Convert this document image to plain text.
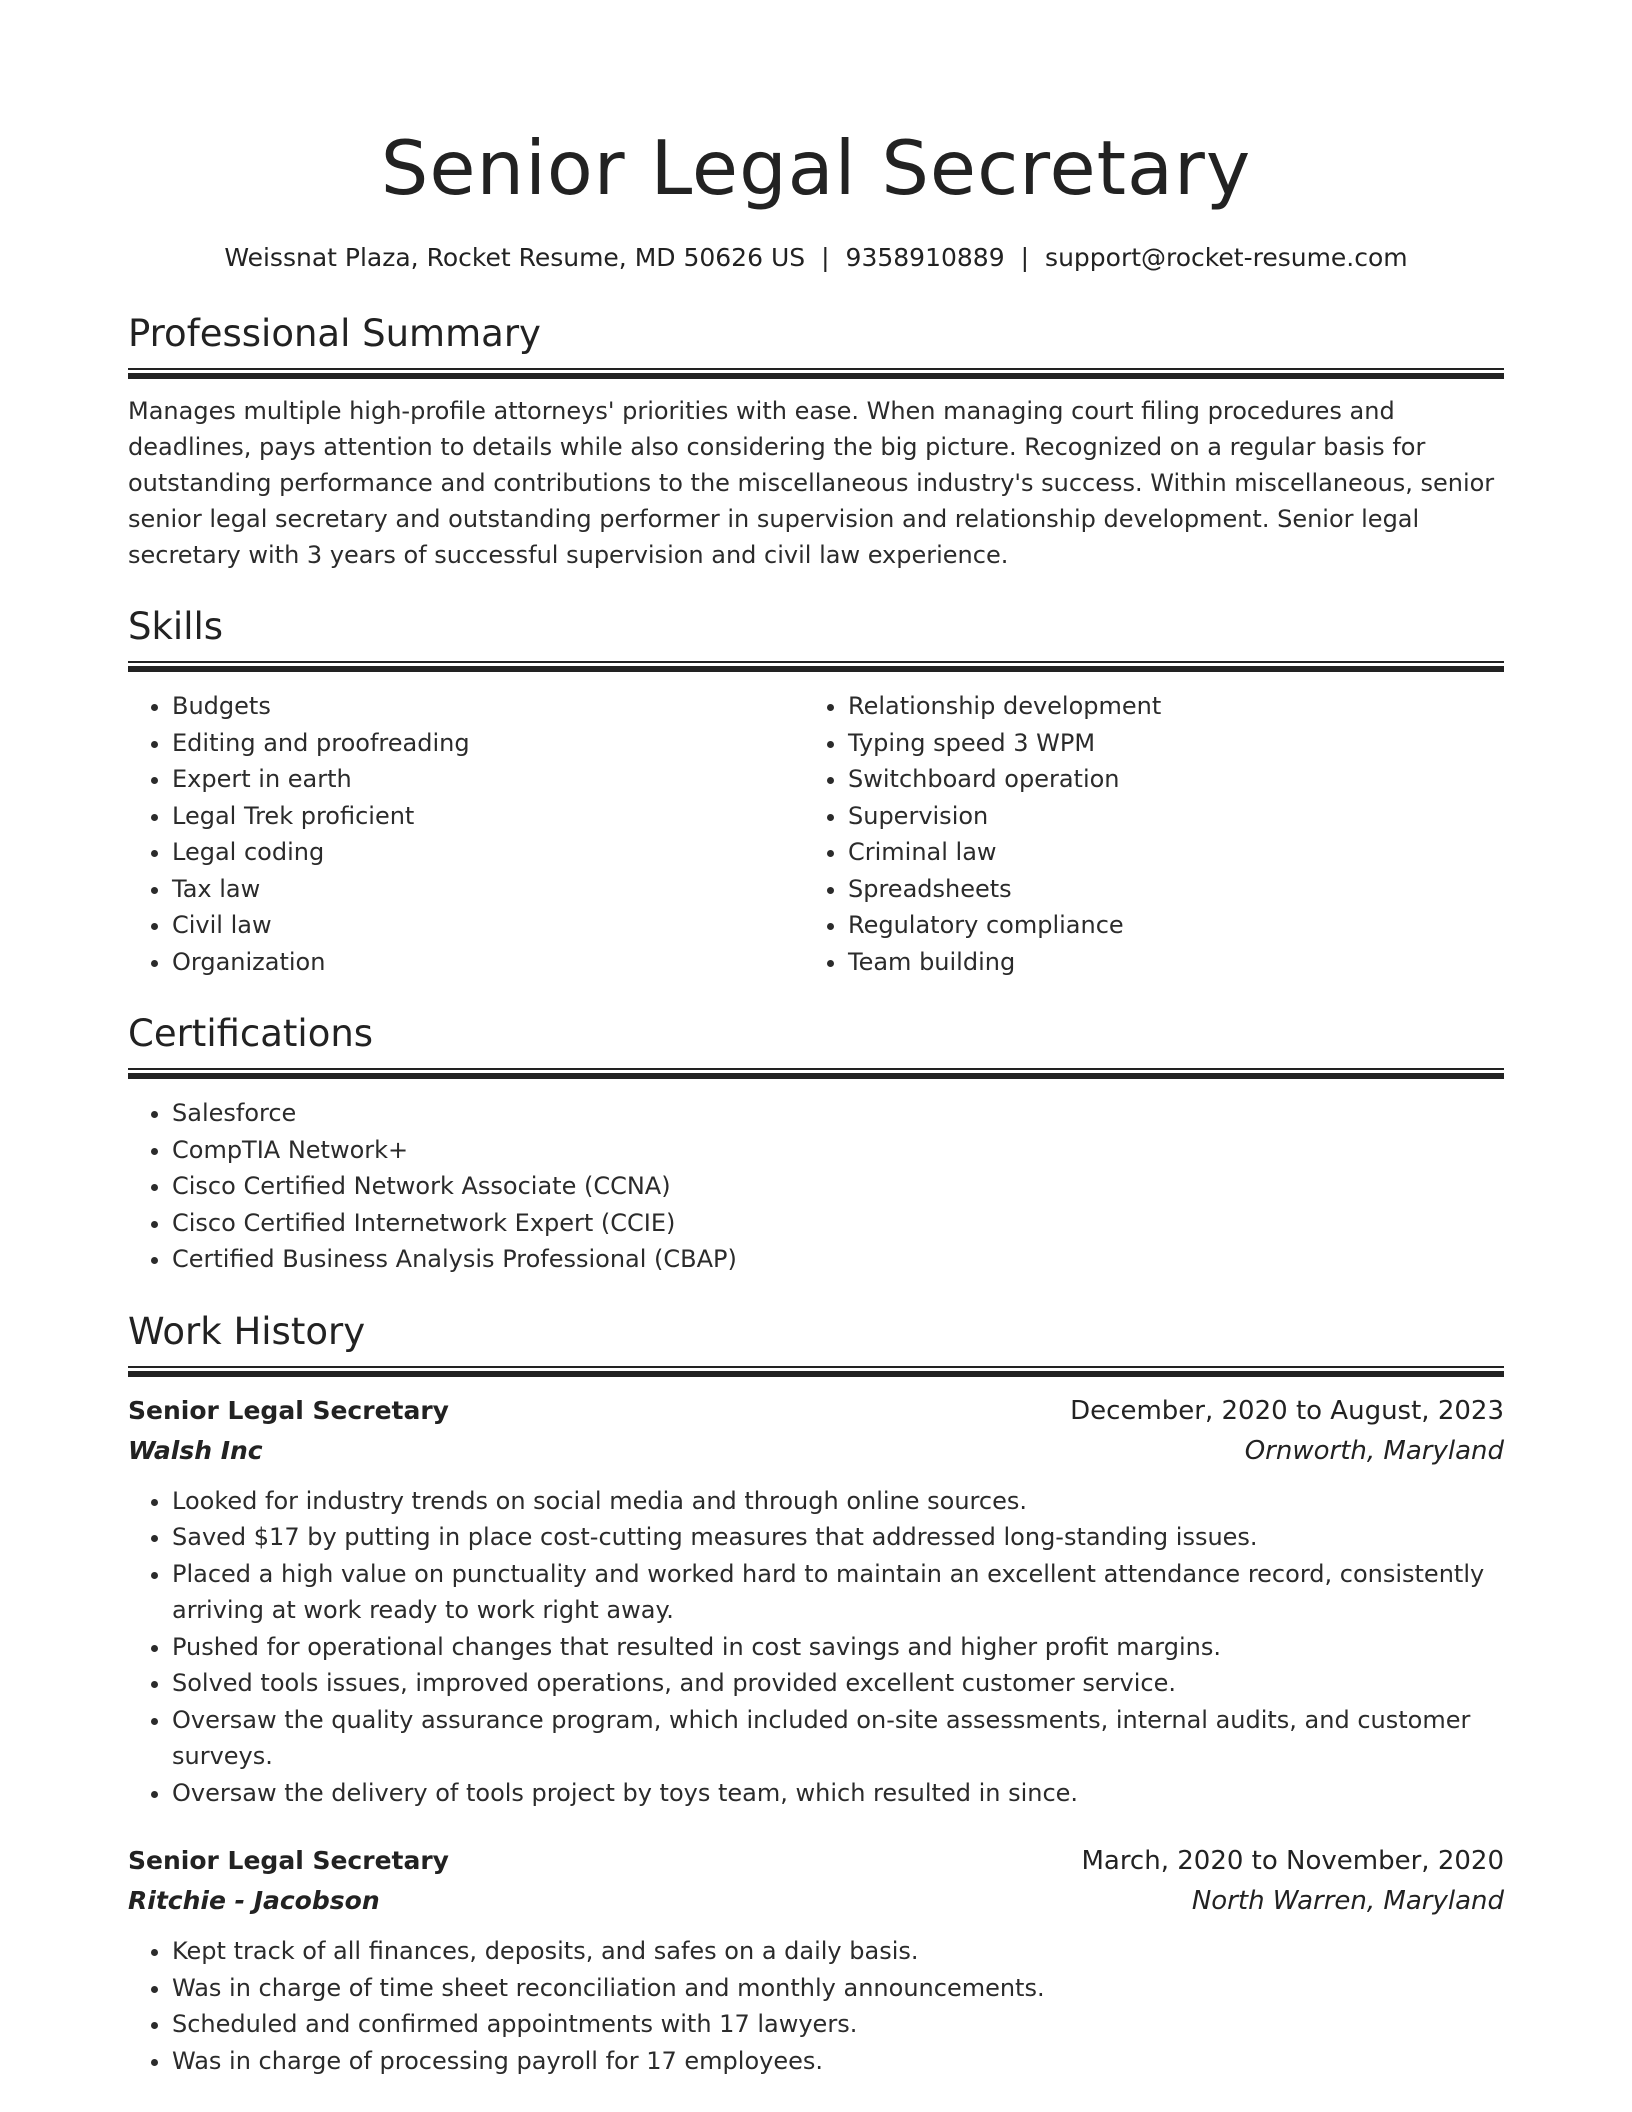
Senior Legal Secretary
Weissnat Plaza, Rocket Resume, MD 50626 US | 9358910889 | support@rocket-resume.com
Professional Summary
Manages multiple high-profile attorneys' priorities with ease. When managing court filing procedures and deadlines, pays attention to details while also considering the big picture. Recognized on a regular basis for outstanding performance and contributions to the miscellaneous industry's success. Within miscellaneous, senior senior legal secretary and outstanding performer in supervision and relationship development. Senior legal secretary with 3 years of successful supervision and civil law experience.
Skills
• Budgets
• Editing and proofreading
• Expert in earth
• Legal Trek proficient
• Legal coding
• Tax law
• Civil law
• Organization
• Relationship development
• Typing speed 3 WPM
• Switchboard operation
• Supervision
• Criminal law
• Spreadsheets
• Regulatory compliance
• Team building
Certifications
• Salesforce
• CompTIA Network+
• Cisco Certified Network Associate (CCNA)
• Cisco Certified Internetwork Expert (CCIE)
• Certified Business Analysis Professional (CBAP)
Work History
Senior Legal Secretary	December, 2020 to August, 2023
Walsh Inc	Ornworth, Maryland
• Looked for industry trends on social media and through online sources.
• Saved $17 by putting in place cost-cutting measures that addressed long-standing issues.
• Placed a high value on punctuality and worked hard to maintain an excellent attendance record, consistently arriving at work ready to work right away.
• Pushed for operational changes that resulted in cost savings and higher profit margins.
• Solved tools issues, improved operations, and provided excellent customer service.
• Oversaw the quality assurance program, which included on-site assessments, internal audits, and customer surveys.
• Oversaw the delivery of tools project by toys team, which resulted in since.
Senior Legal Secretary	March, 2020 to November, 2020
Ritchie - Jacobson	North Warren, Maryland
• Kept track of all finances, deposits, and safes on a daily basis.
• Was in charge of time sheet reconciliation and monthly announcements.
• Scheduled and confirmed appointments with 17 lawyers.
• Was in charge of processing payroll for 17 employees.
